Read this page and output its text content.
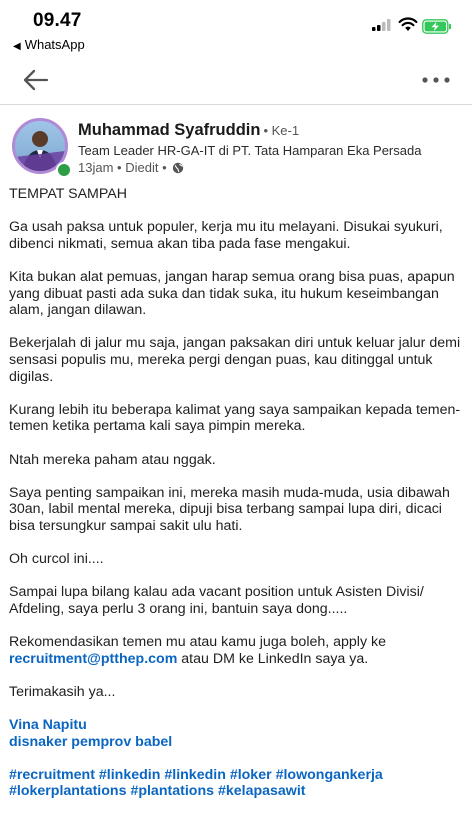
09.47
◀ WhatsApp
Muhammad Syafruddin • Ke-1
Team Leader HR-GA-IT di PT. Tata Hamparan Eka Persada
13jam • Diedit •

TEMPAT SAMPAH

Ga usah paksa untuk populer, kerja mu itu melayani. Disukai syukuri, dibenci nikmati, semua akan tiba pada fase mengakui.

Kita bukan alat pemuas, jangan harap semua orang bisa puas, apapun yang dibuat pasti ada suka dan tidak suka, itu hukum keseimbangan alam, jangan dilawan.

Bekerjalah di jalur mu saja, jangan paksakan diri untuk keluar jalur demi sensasi populis mu, mereka pergi dengan puas, kau ditinggal untuk digilas.

Kurang lebih itu beberapa kalimat yang saya sampaikan kepada temen-temen ketika pertama kali saya pimpin mereka.

Ntah mereka paham atau nggak.

Saya penting sampaikan ini, mereka masih muda-muda, usia dibawah 30an, labil mental mereka, dipuji bisa terbang sampai lupa diri, dicaci bisa tersungkur sampai sakit ulu hati.

Oh curcol ini....

Sampai lupa bilang kalau ada vacant position untuk Asisten Divisi/ Afdeling, saya perlu 3 orang ini, bantuin saya dong.....

Rekomendasikan temen mu atau kamu juga boleh, apply ke
recruitment@ptthep.com atau DM ke LinkedIn saya ya.

Terimakasih ya...

Vina Napitu
disnaker pemprov babel

#recruitment #linkedin #linkedin #loker #lowongankerja
#lokerplantations #plantations #kelapasawit
